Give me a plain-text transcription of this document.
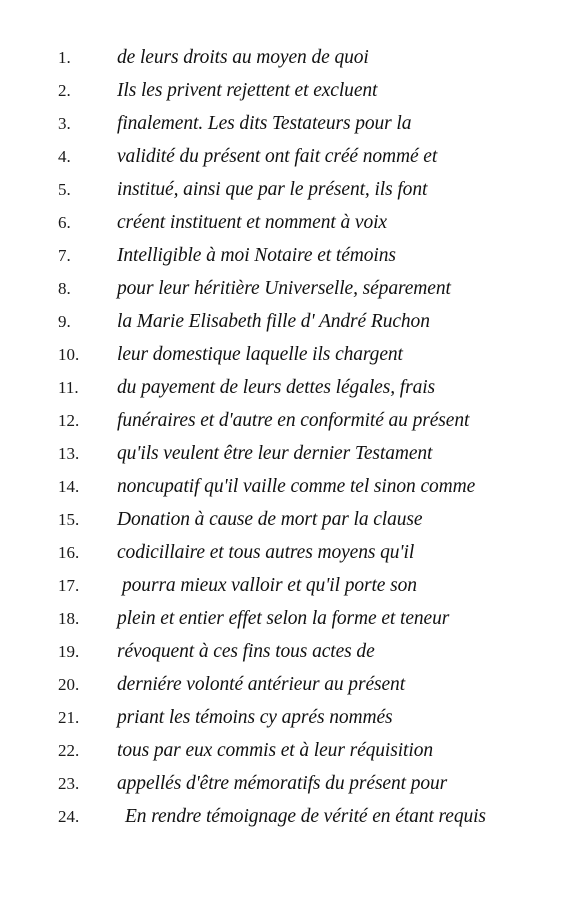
1. de leurs droits au moyen de quoi
2. Ils les privent rejettent et excluent
3. finalement. Les dits Testateurs pour la
4. validité du présent ont fait créé nommé et
5. institué, ainsi que par le présent, ils font
6. créent instituent et nomment à voix
7. Intelligible à moi Notaire et témoins
8. pour leur héritière Universelle, séparement
9. la Marie Elisabeth fille d' André Ruchon
10. leur domestique laquelle ils chargent
11. du payement de leurs dettes légales, frais
12. funéraires et d'autre en conformité au présent
13. qu'ils veulent être leur dernier Testament
14. noncupatif qu'il vaille comme tel sinon comme
15. Donation à cause de mort par la clause
16. codicillaire et tous autres moyens qu'il
17. pourra mieux valloir et qu'il porte son
18. plein et entier effet selon la forme et teneur
19. révoquent à ces fins tous actes de
20. derniére volonté antérieur au présent
21. priant les témoins cy aprés nommés
22. tous par eux commis et à leur réquisition
23. appellés d'être mémoratifs du présent pour
24. En rendre témoignage de vérité en étant requis
